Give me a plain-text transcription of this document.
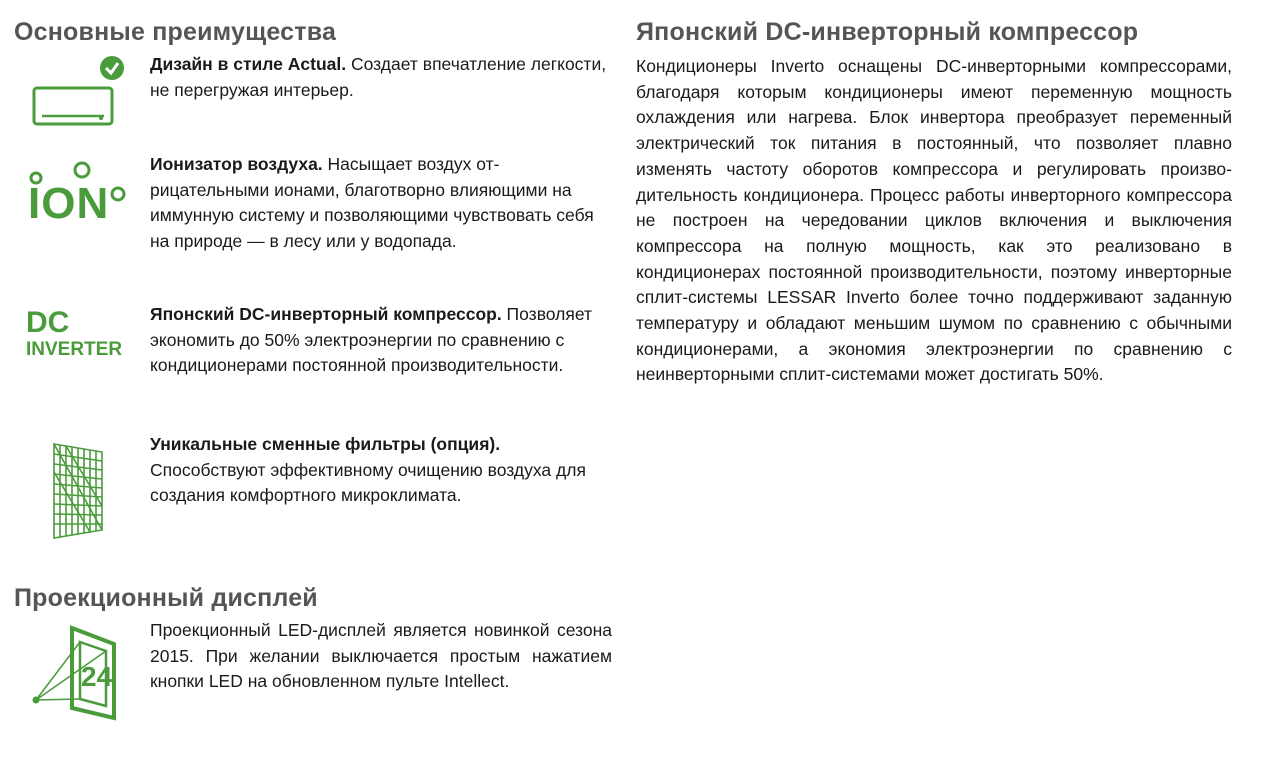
Основные преимущества
Дизайн в стиле Actual. Создает впечатление легкости, не перегружая интерьер.
ION
Ионизатор воздуха. Насыщает воздух отрицательными ионами, благотворно влияющими на иммунную систему и позволяющими чувствовать себя на природе — в лесу или у водопада.
DC
INVERTER
Японский DC-инверторный компрессор. Позволяет экономить до 50% электроэнергии по сравнению с кондиционерами постоянной производительности.
Уникальные сменные фильтры (опция). Способствуют эффективному очищению воздуха для создания комфортного микроклимата.
Проекционный дисплей
24
Проекционный LED-дисплей является новинкой сезона 2015. При желании выключается простым нажатием кнопки LED на обновленном пульте Intellect.
Японский DC-инверторный компрессор
Кондиционеры Inverto оснащены DC-инверторными компрессорами, благодаря которым кондиционеры имеют переменную мощность охлаждения или нагрева. Блок инвертора преобразует переменный электрический ток питания в постоянный, что позволяет плавно изменять частоту оборотов компрессора и регулировать производительность кондиционера. Процесс работы инверторного компрессора не построен на чередовании циклов включения и выключения компрессора на полную мощность, как это реализовано в кондиционерах постоянной производительности, поэтому инверторные сплит-системы LESSAR Inverto более точно поддерживают заданную температуру и обладают меньшим шумом по сравнению с обычными кондиционерами, а экономия электроэнергии по сравнению с неинверторными сплит-системами может достигать 50%.
